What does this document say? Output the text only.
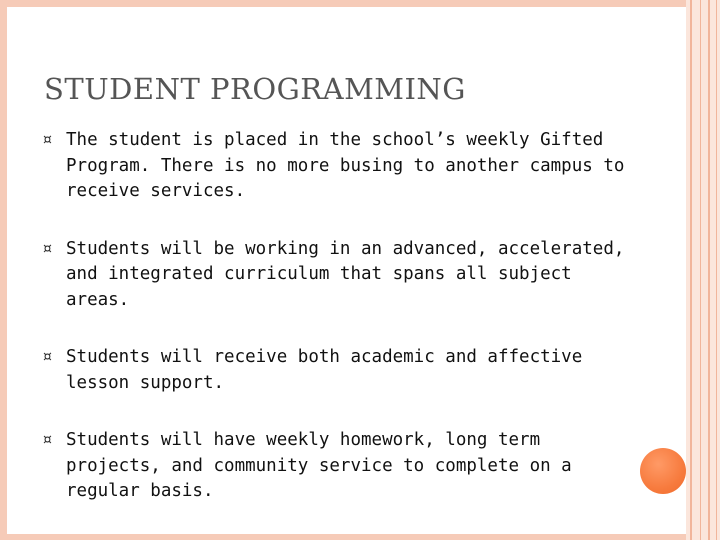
STUDENT PROGRAMMING
¤ The student is placed in the school’s weekly Gifted Program. There is no more busing to another campus to receive services.
¤ Students will be working in an advanced, accelerated, and integrated curriculum that spans all subject areas.
¤ Students will receive both academic and affective lesson support.
¤ Students will have weekly homework, long term projects, and community service to complete on a regular basis.
